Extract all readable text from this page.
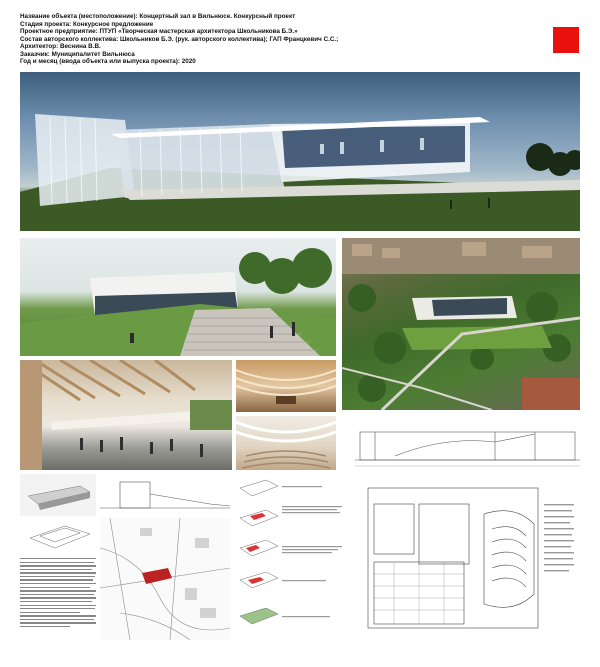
Название объекта (местоположение): Концертный зал в Вильнюсе. Конкурсный проект
Стадия проекта: Конкурсное предложение
Проектное предприятие: ПТУП «Творческая мастерская архитектора Школьникова Б.Э.»
Состав авторского коллектива: Школьников Б.Э. (рук. авторского коллектива); ГАП Францкевич С.С.;
Архитектор: Веснина В.В.
Заказчик: Муниципалитет Вильнюса
Год и месяц (ввода объекта или выпуска проекта): 2020
